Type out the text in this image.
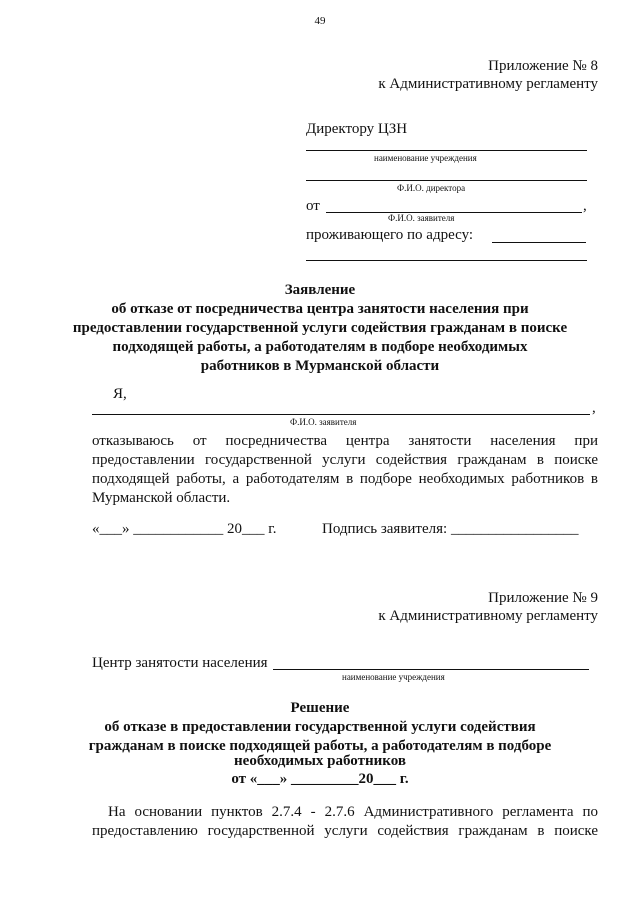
49
Приложение № 8
к Административному регламенту
Директору ЦЗН
наименование учреждения
Ф.И.О. директора
от	,
Ф.И.О. заявителя
проживающего по адресу:
Заявление
об отказе от посредничества центра занятости населения при
предоставлении государственной услуги содействия гражданам в поиске
подходящей работы, а работодателям в подборе необходимых
работников в Мурманской области
Я,
,
Ф.И.О. заявителя
отказываюсь от посредничества центра занятости населения при
предоставлении государственной услуги содействия гражданам в поиске
подходящей работы, а работодателям в подборе необходимых работников в
Мурманской области.
«___» ____________ 20___ г.	Подпись заявителя: _________________
Приложение № 9
к Административному регламенту
Центр занятости населения
наименование учреждения
Решение
об отказе в предоставлении государственной услуги содействия
гражданам в поиске подходящей работы, а работодателям в подборе
необходимых работников
от «___» _________20___ г.
На основании пунктов 2.7.4 - 2.7.6 Административного регламента по
предоставлению государственной услуги содействия гражданам в поиске
